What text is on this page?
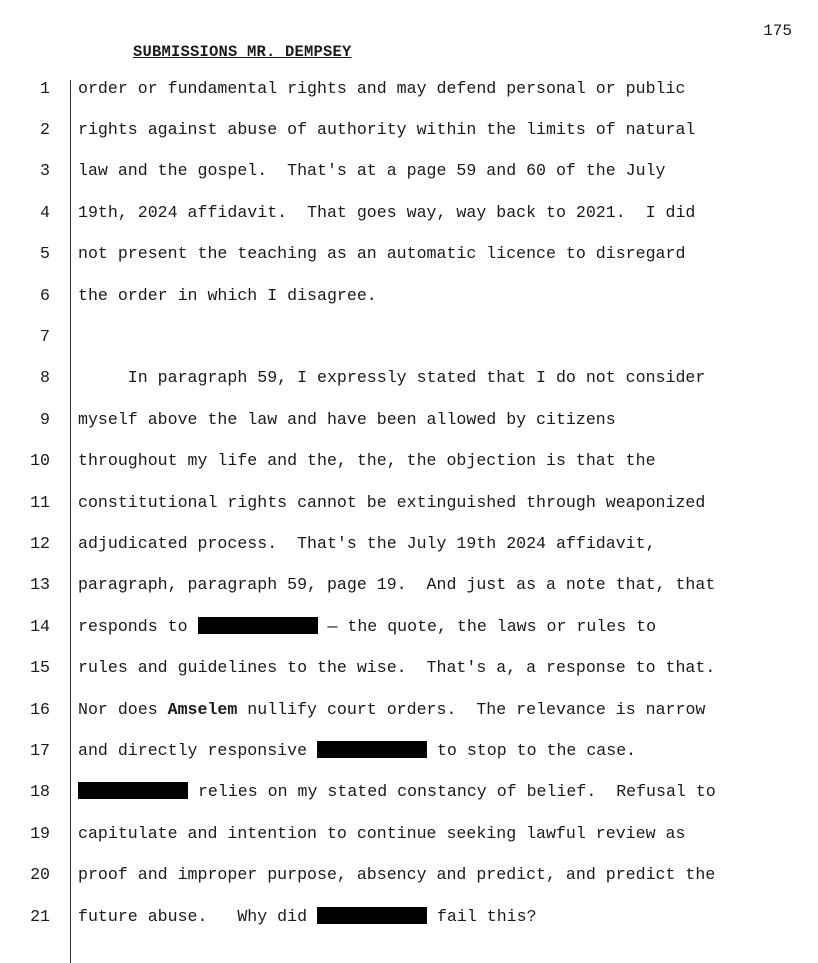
175
SUBMISSIONS MR. DEMPSEY
1 order or fundamental rights and may defend personal or public
2 rights against abuse of authority within the limits of natural
3 law and the gospel.  That's at a page 59 and 60 of the July
4 19th, 2024 affidavit.  That goes way, way back to 2021.  I did
5 not present the teaching as an automatic licence to disregard
6 the order in which I disagree.
7
8 In paragraph 59, I expressly stated that I do not consider
9 myself above the law and have been allowed by citizens
10 throughout my life and the, the, the objection is that the
11 constitutional rights cannot be extinguished through weaponized
12 adjudicated process.  That's the July 19th 2024 affidavit,
13 paragraph, paragraph 59, page 19.  And just as a note that, that
14 responds to	— the quote, the laws or rules to
15 rules and guidelines to the wise.  That's a, a response to that.
16 Nor does Amselem nullify court orders.  The relevance is narrow
17 and directly responsive	to stop to the case.
18	relies on my stated constancy of belief.  Refusal to
19 capitulate and intention to continue seeking lawful review as
20 proof and improper purpose, absency and predict, and predict the
21 future abuse.   Why did	fail this?
